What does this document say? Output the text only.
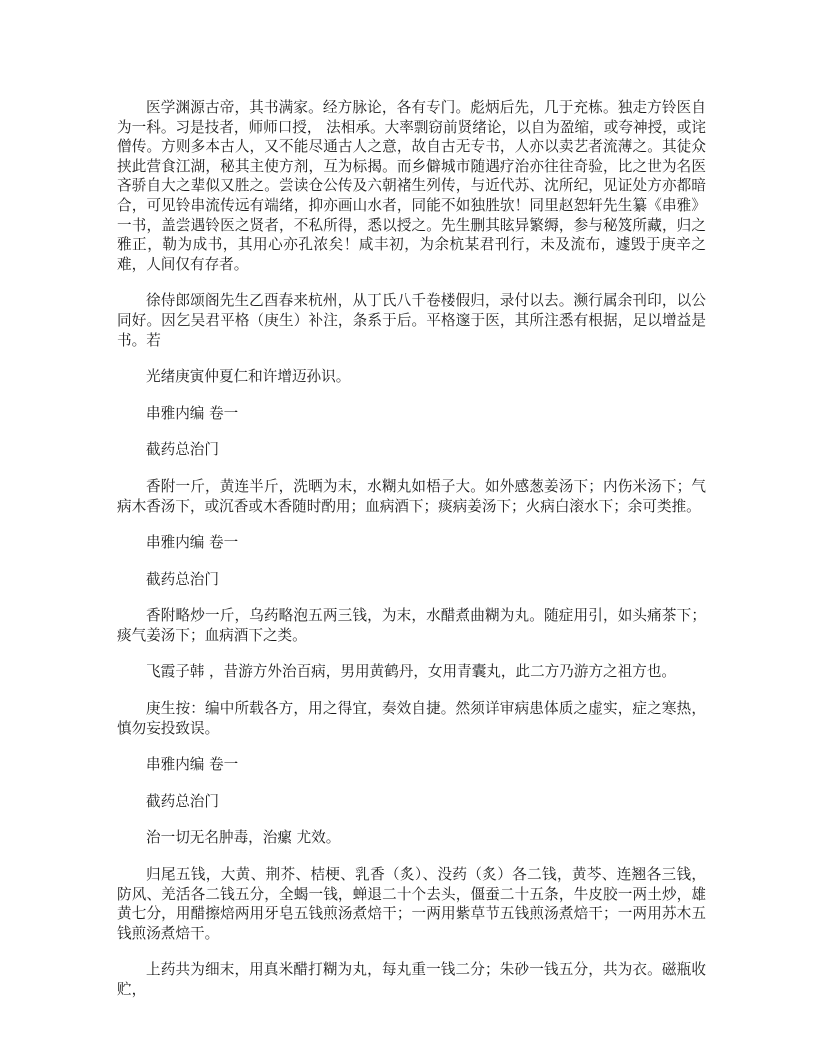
医学渊源古帝，其书满家。经方脉论，各有专门。彪炳后先，几于充栋。独走方铃医自为一科。习是技者，师师口授， 法相承。大率剽窃前贤绪论，以自为盈缩，或夸神授，或诧僧传。方则多本古人，又不能尽通古人之意，故自古无专书，人亦以卖艺者流薄之。其徒众挟此营食江湖，秘其主使方剂，互为标揭。而乡僻城市随遇疗治亦往往奇验，比之世为名医吝骄自大之辈似又胜之。尝读仓公传及六朝褚生列传，与近代苏、沈所纪，见证处方亦都暗合，可见铃串流传远有端绪，抑亦画山水者，同能不如独胜欤！同里赵恕轩先生纂《串雅》一书，盖尝遇铃医之贤者，不私所得，悉以授之。先生删其眩异繁缛，参与秘笈所藏，归之雅正，勒为成书，其用心亦孔浓矣！咸丰初，为余杭某君刊行，未及流布，遽毁于庚辛之难，人间仅有存者。

徐侍郎颂阁先生乙酉春来杭州，从丁氏八千卷楼假归，录付以去。濒行属余刊印，以公同好。因乞吴君平格（庚生）补注，条系于后。平格邃于医，其所注悉有根据，足以增益是书。若

光绪庚寅仲夏仁和许增迈孙识。

串雅内编 卷一

截药总治门

香附一斤，黄连半斤，洗晒为末，水糊丸如梧子大。如外感葱姜汤下；内伤米汤下；气病木香汤下，或沉香或木香随时酌用；血病酒下；痰病姜汤下；火病白滚水下；余可类推。

串雅内编 卷一

截药总治门

香附略炒一斤，乌药略泡五两三钱，为末，水醋煮曲糊为丸。随症用引，如头痛茶下；痰气姜汤下；血病酒下之类。

飞霞子韩 ，昔游方外治百病，男用黄鹤丹，女用青囊丸，此二方乃游方之祖方也。

庚生按：编中所载各方，用之得宜，奏效自捷。然须详审病患体质之虚实，症之寒热，慎勿妄投致误。

串雅内编 卷一

截药总治门

治一切无名肿毒，治瘰 尤效。

归尾五钱，大黄、荆芥、桔梗、乳香（炙）、没药（炙）各二钱，黄芩、连翘各三钱，防风、羌活各二钱五分，全蝎一钱，蝉退二十个去头，僵蚕二十五条，牛皮胶一两土炒，雄黄七分，用醋擦焙两用牙皂五钱煎汤煮焙干；一两用紫草节五钱煎汤煮焙干；一两用苏木五钱煎汤煮焙干。

上药共为细末，用真米醋打糊为丸，每丸重一钱二分；朱砂一钱五分，共为衣。磁瓶收贮，
